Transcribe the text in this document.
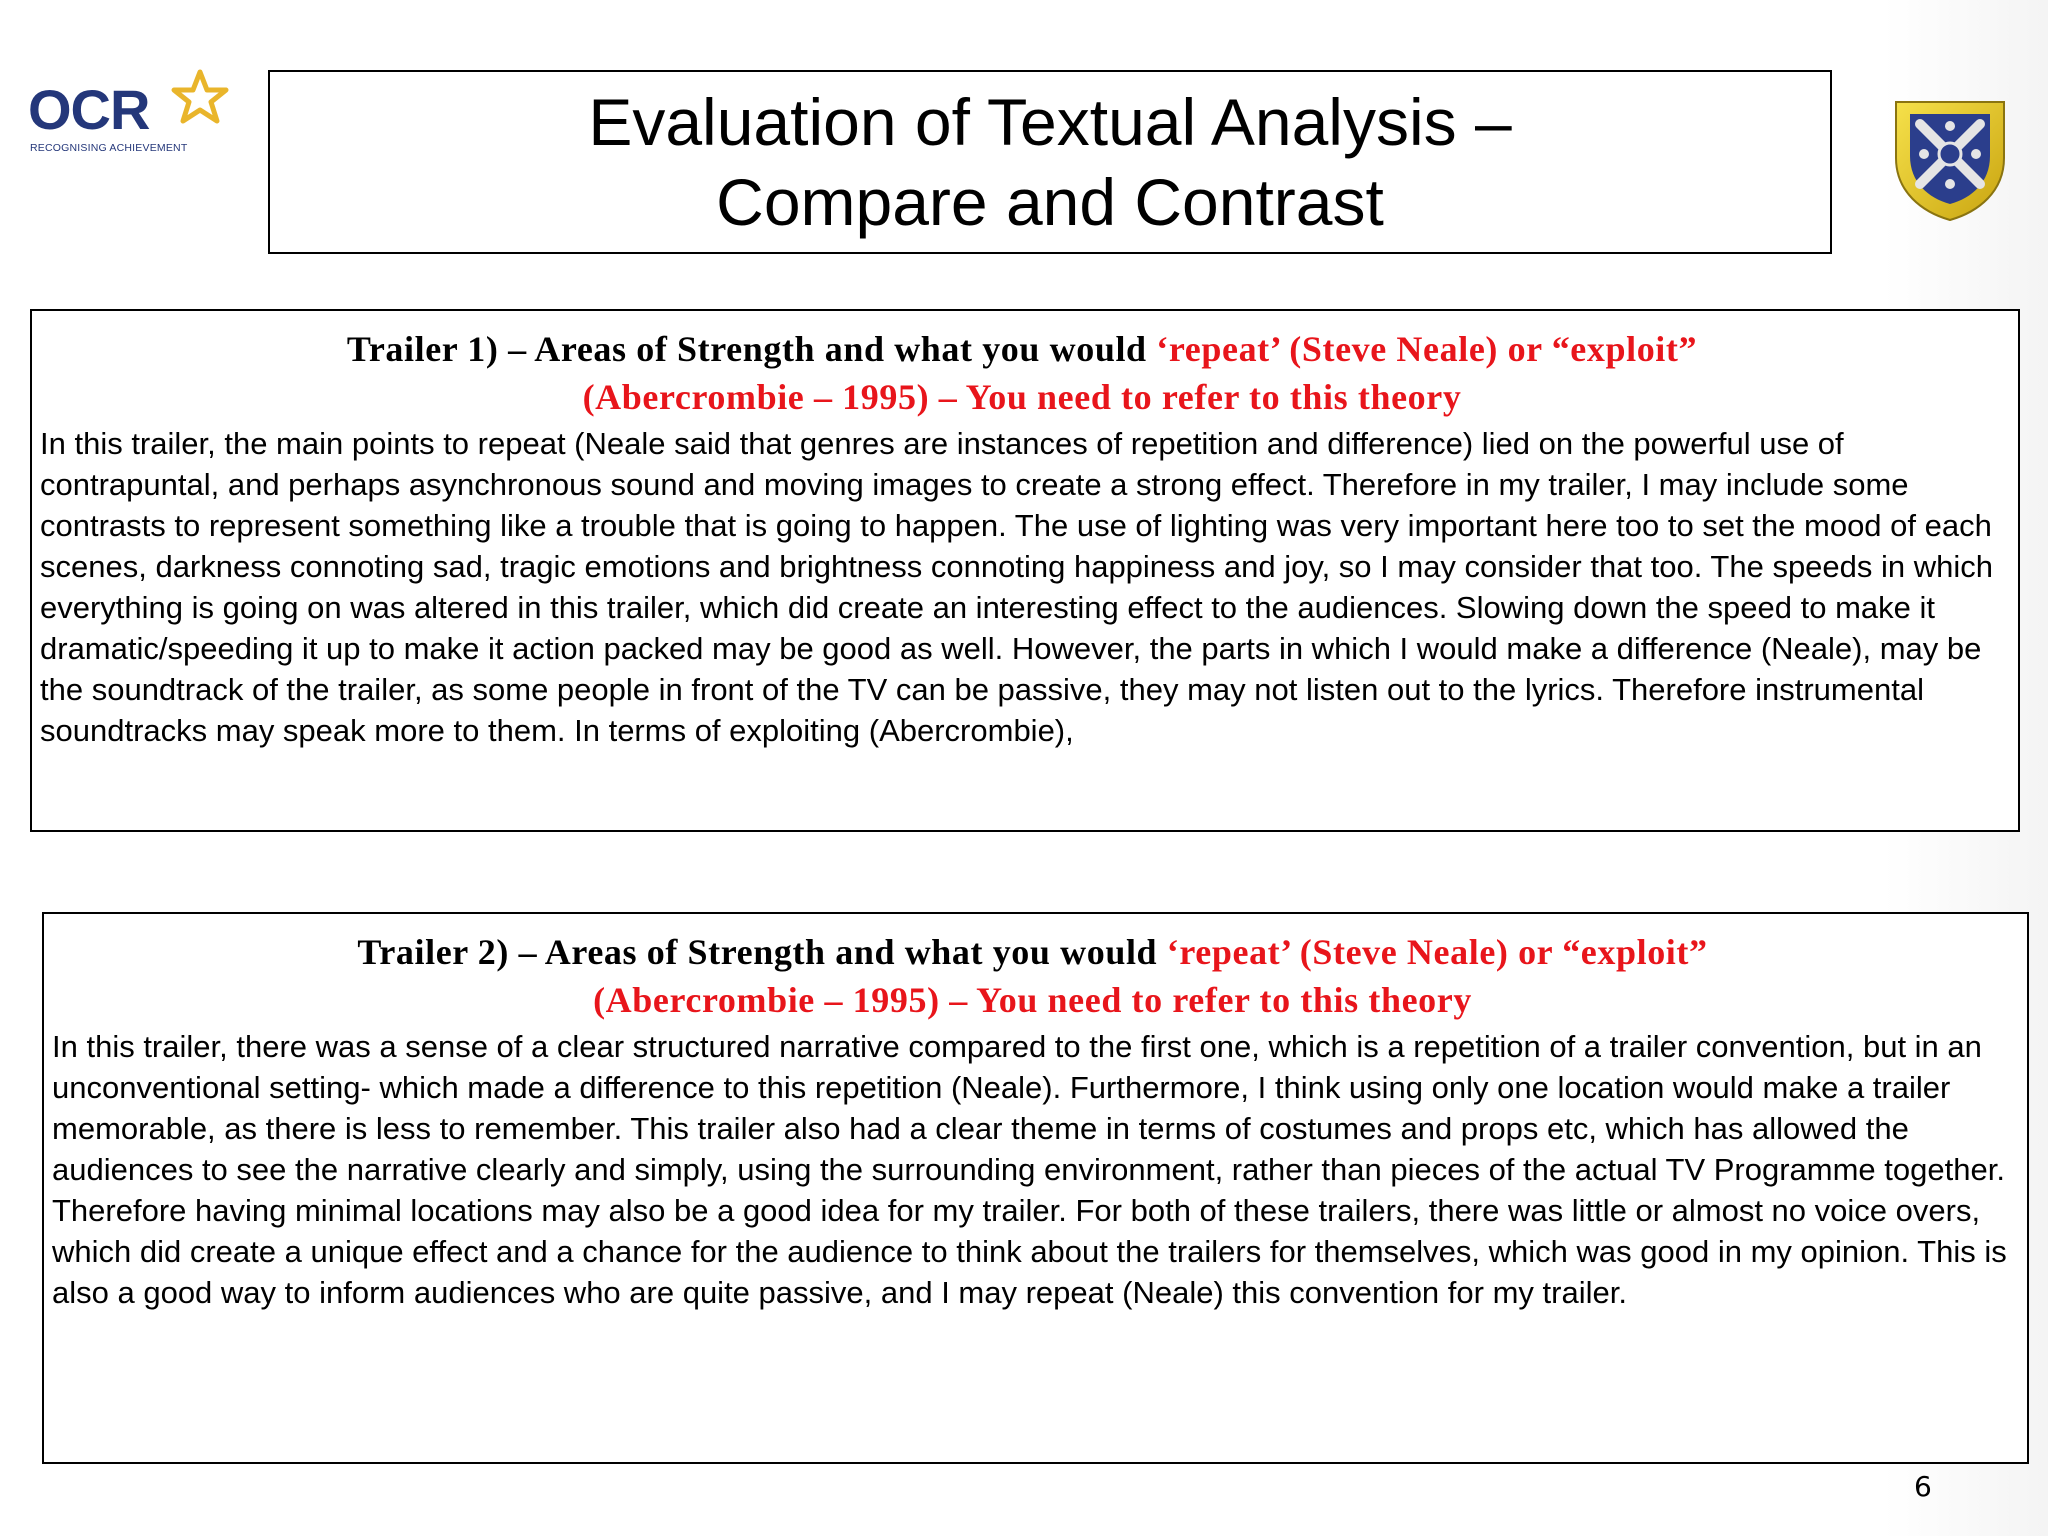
OCR
RECOGNISING ACHIEVEMENT	Evaluation of Textual Analysis –
Compare and Contrast

Trailer 1) – Areas of Strength and what you would ‘repeat’ (Steve Neale) or “exploit”
(Abercrombie – 1995) – You need to refer to this theory

In this trailer, the main points to repeat (Neale said that genres are instances of repetition and difference) lied on the powerful use of contrapuntal, and perhaps asynchronous sound and moving images to create a strong effect. Therefore in my trailer, I may include some contrasts to represent something like a trouble that is going to happen. The use of lighting was very important here too to set the mood of each scenes, darkness connoting sad, tragic emotions and brightness connoting happiness and joy, so I may consider that too. The speeds in which everything is going on was altered in this trailer, which did create an interesting effect to the audiences. Slowing down the speed to make it dramatic/speeding it up to make it action packed may be good as well. However, the parts in which I would make a difference (Neale), may be the soundtrack of the trailer, as some people in front of the TV can be passive, they may not listen out to the lyrics. Therefore instrumental soundtracks may speak more to them. In terms of exploiting (Abercrombie),

Trailer 2) – Areas of Strength and what you would ‘repeat’ (Steve Neale) or “exploit”
(Abercrombie – 1995) – You need to refer to this theory

In this trailer, there was a sense of a clear structured narrative compared to the first one, which is a repetition of a trailer convention, but in an unconventional setting- which made a difference to this repetition (Neale). Furthermore, I think using only one location would make a trailer memorable, as there is less to remember. This trailer also had a clear theme in terms of costumes and props etc, which has allowed the audiences to see the narrative clearly and simply, using the surrounding environment, rather than pieces of the actual TV Programme together. Therefore having minimal locations may also be a good idea for my trailer. For both of these trailers, there was little or almost no voice overs, which did create a unique effect and a chance for the audience to think about the trailers for themselves, which was good in my opinion. This is also a good way to inform audiences who are quite passive, and I may repeat (Neale) this convention for my trailer.

6
